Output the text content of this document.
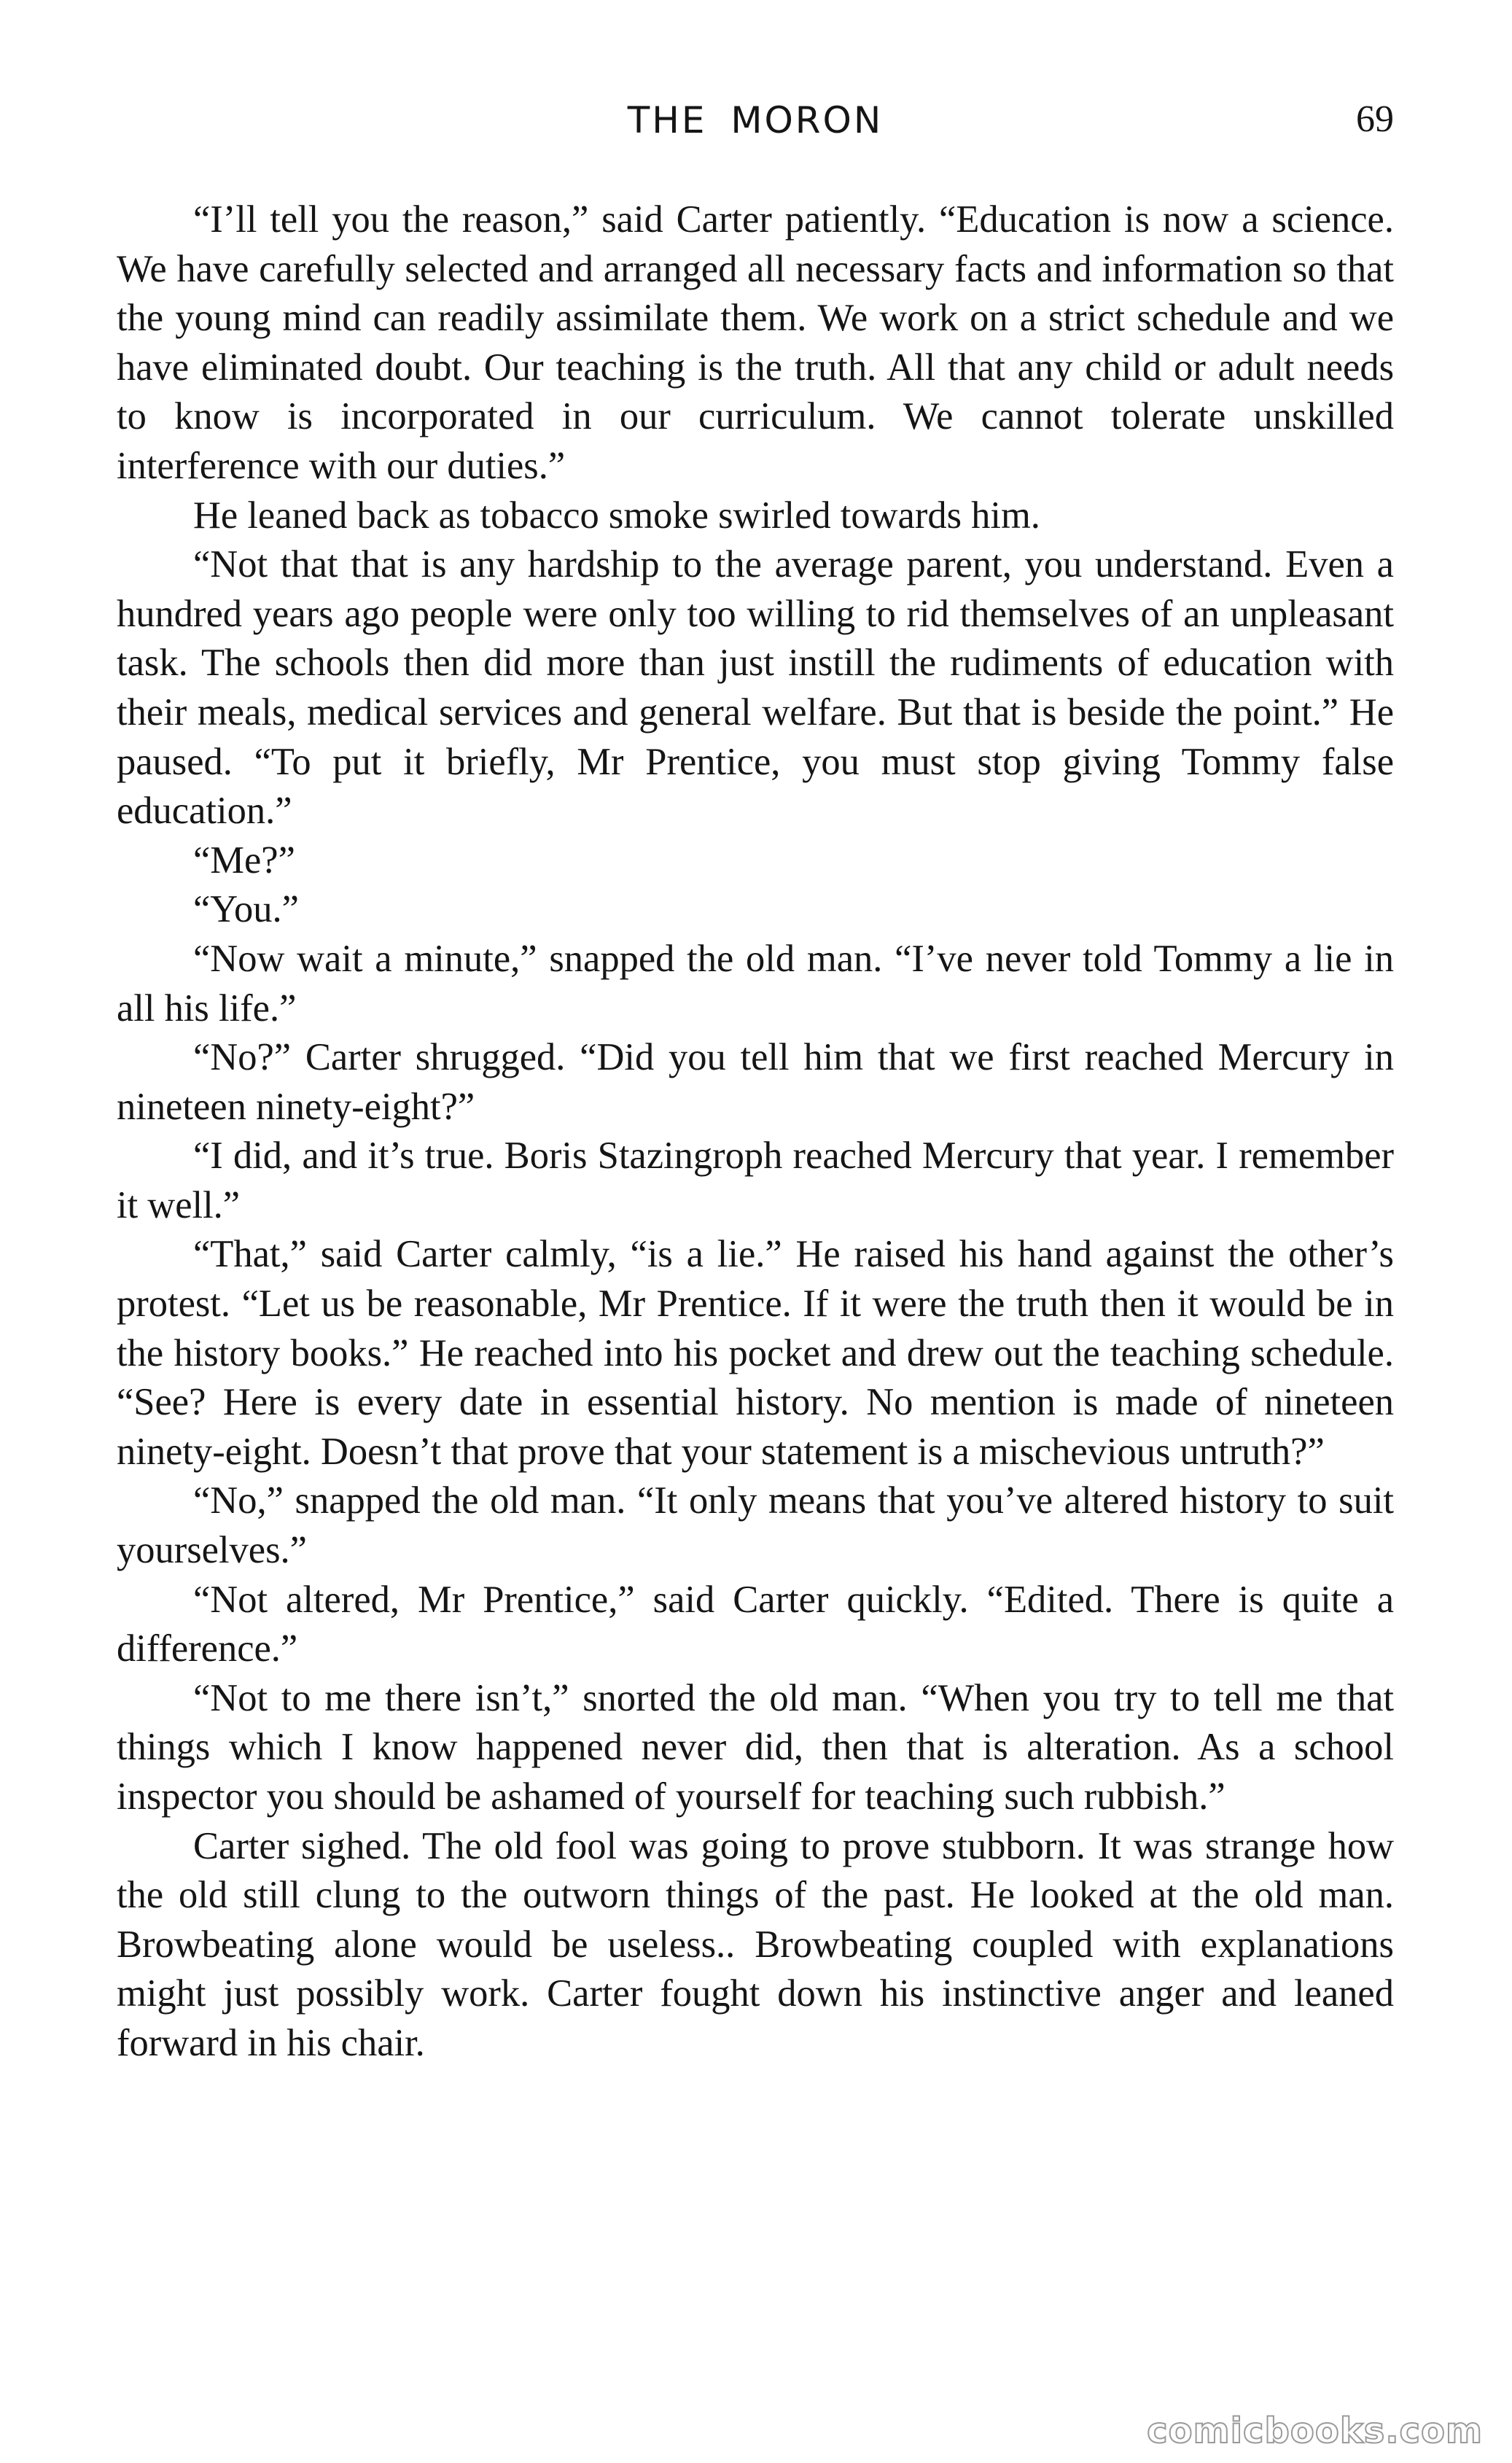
THE MORON	69

“I’ll tell you the reason,” said Carter patiently. “Education is now a science. We have carefully selected and arranged all necessary facts and information so that the young mind can readily assimilate them. We work on a strict schedule and we have eliminated doubt. Our teaching is the truth. All that any child or adult needs to know is incorporated in our curriculum. We cannot tolerate unskilled interference with our duties.”

He leaned back as tobacco smoke swirled towards him.

“Not that that is any hardship to the average parent, you understand. Even a hundred years ago people were only too willing to rid themselves of an unpleasant task. The schools then did more than just instill the rudiments of education with their meals, medical services and general welfare. But that is beside the point.” He paused. “To put it briefly, Mr Prentice, you must stop giving Tommy false education.”

“Me?”

“You.”

“Now wait a minute,” snapped the old man. “I’ve never told Tommy a lie in all his life.”

“No?” Carter shrugged. “Did you tell him that we first reached Mercury in nineteen ninety-eight?”

“I did, and it’s true. Boris Stazingroph reached Mercury that year. I remember it well.”

“That,” said Carter calmly, “is a lie.” He raised his hand against the other’s protest. “Let us be reasonable, Mr Prentice. If it were the truth then it would be in the history books.” He reached into his pocket and drew out the teaching schedule. “See? Here is every date in essential history. No mention is made of nineteen ninety-eight. Doesn’t that prove that your statement is a mischevious untruth?”

“No,” snapped the old man. “It only means that you’ve altered history to suit yourselves.”

“Not altered, Mr Prentice,” said Carter quickly. “Edited. There is quite a difference.”

“Not to me there isn’t,” snorted the old man. “When you try to tell me that things which I know happened never did, then that is alteration. As a school inspector you should be ashamed of yourself for teaching such rubbish.”

Carter sighed. The old fool was going to prove stubborn. It was strange how the old still clung to the outworn things of the past. He looked at the old man. Browbeating alone would be useless.. Browbeating coupled with explanations might just possibly work. Carter fought down his instinctive anger and leaned forward in his chair.

comicbooks.com
